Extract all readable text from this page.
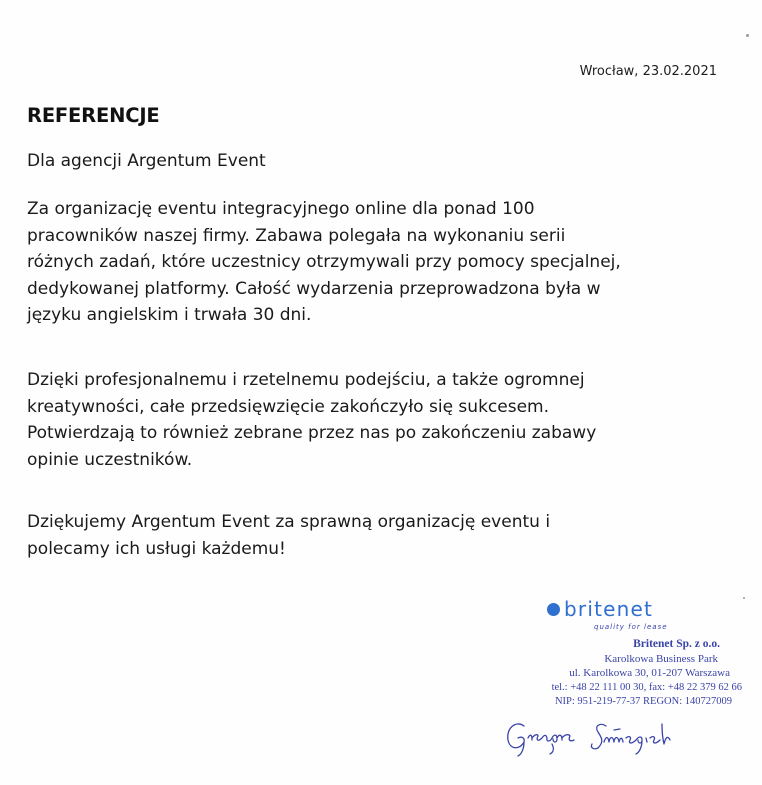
Wrocław, 23.02.2021
REFERENCJE
Dla agencji Argentum Event
Za organizację eventu integracyjnego online dla ponad 100
pracowników naszej firmy. Zabawa polegała na wykonaniu serii
różnych zadań, które uczestnicy otrzymywali przy pomocy specjalnej,
dedykowanej platformy. Całość wydarzenia przeprowadzona była w
języku angielskim i trwała 30 dni.
Dzięki profesjonalnemu i rzetelnemu podejściu, a także ogromnej
kreatywności, całe przedsięwzięcie zakończyło się sukcesem.
Potwierdzają to również zebrane przez nas po zakończeniu zabawy
opinie uczestników.
Dziękujemy Argentum Event za sprawną organizację eventu i
polecamy ich usługi każdemu!
britenet
quality for lease
Britenet Sp. z o.o.
Karolkowa Business Park
ul. Karolkowa 30, 01-207 Warszawa
tel.: +48 22 111 00 30, fax: +48 22 379 62 66
NIP: 951-219-77-37 REGON: 140727009
